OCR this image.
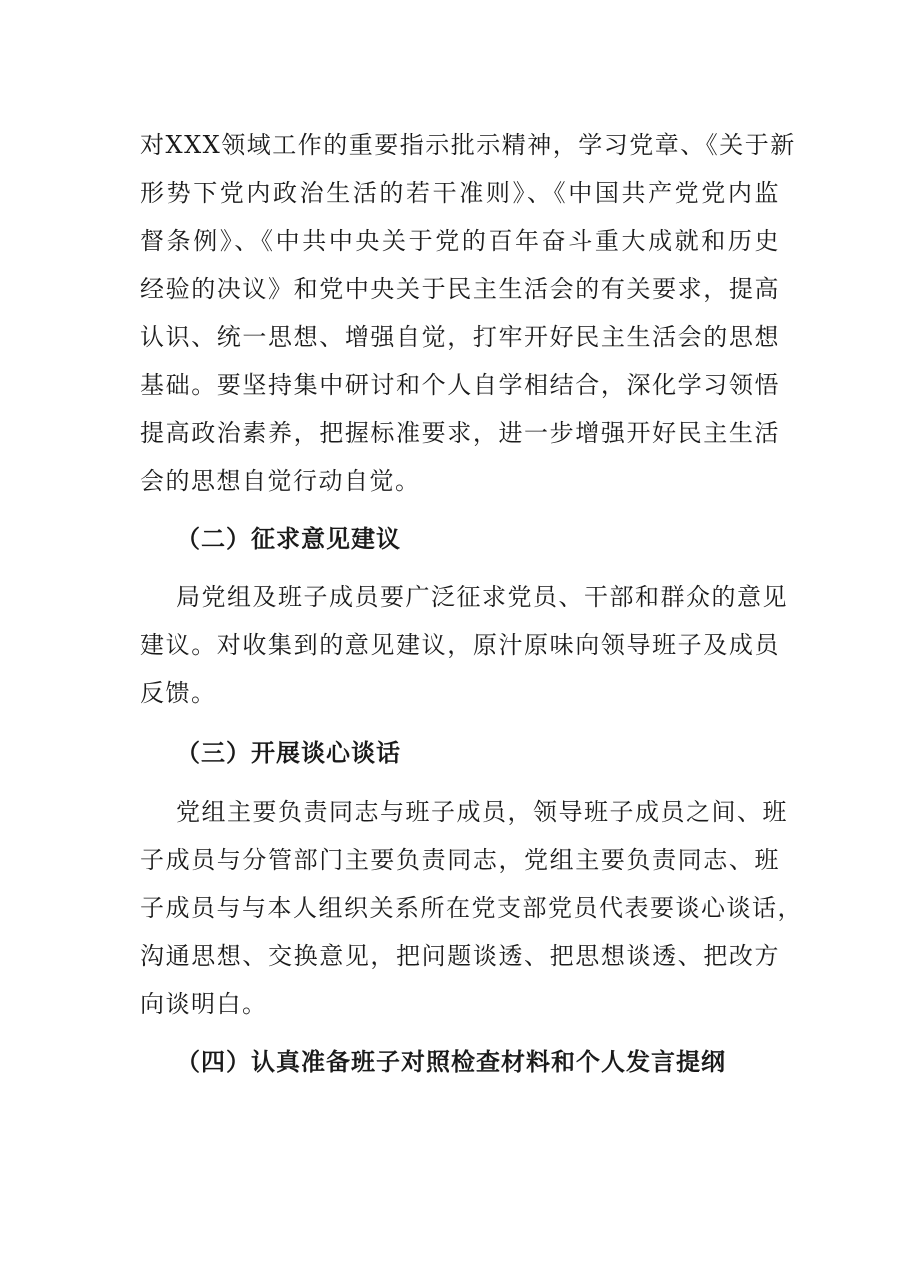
对XXX领域工作的重要指示批示精神，学习党章、《关于新
形势下党内政治生活的若干准则》、《中国共产党党内监
督条例》、《中共中央关于党的百年奋斗重大成就和历史
经验的决议》和党中央关于民主生活会的有关要求，提高
认识、统一思想、增强自觉，打牢开好民主生活会的思想
基础。要坚持集中研讨和个人自学相结合，深化学习领悟
提高政治素养，把握标准要求，进一步增强开好民主生活
会的思想自觉行动自觉。
（二）征求意见建议
局党组及班子成员要广泛征求党员、干部和群众的意见
建议。对收集到的意见建议，原汁原味向领导班子及成员
反馈。
（三）开展谈心谈话
党组主要负责同志与班子成员，领导班子成员之间、班
子成员与分管部门主要负责同志，党组主要负责同志、班
子成员与与本人组织关系所在党支部党员代表要谈心谈话，
沟通思想、交换意见，把问题谈透、把思想谈透、把改方
向谈明白。
（四）认真准备班子对照检查材料和个人发言提纲
